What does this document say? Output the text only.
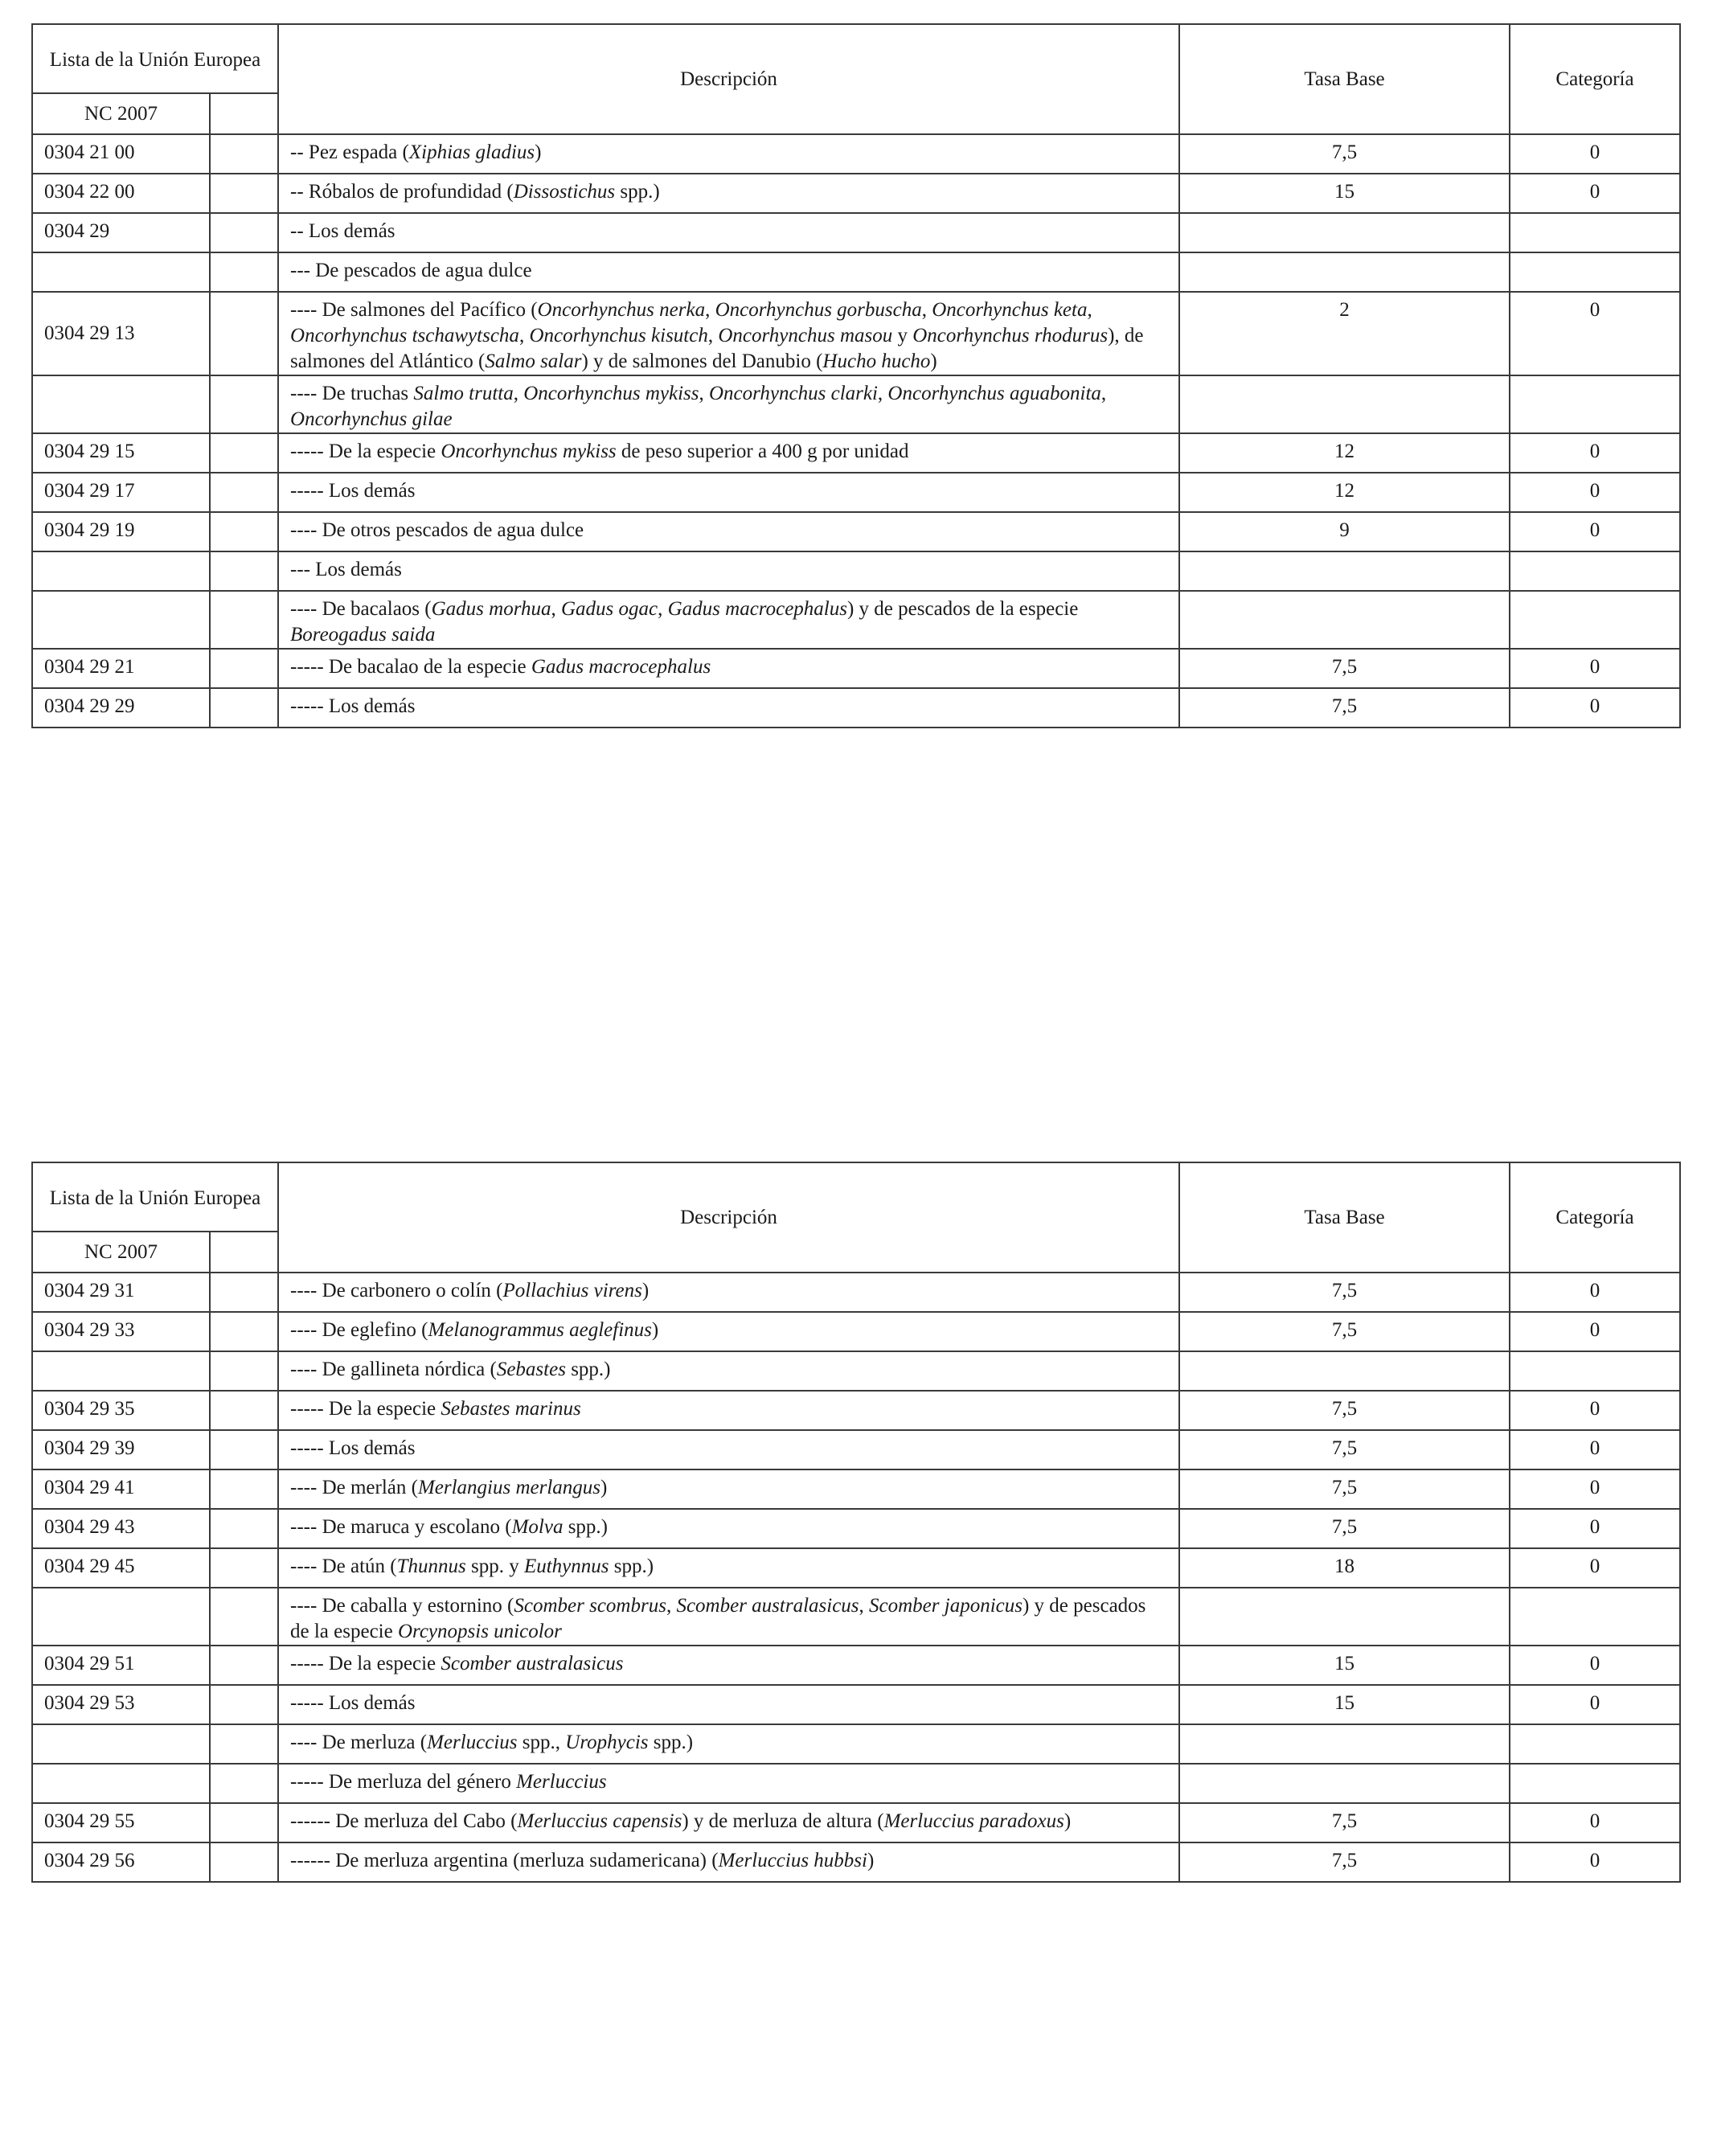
Lista de la Unión Europea		Descripción	Tasa Base	Categoría
NC 2007				
0304 21 00		-- Pez espada (Xiphias gladius)	7,5	0
0304 22 00		-- Róbalos de profundidad (Dissostichus spp.)	15	0
0304 29		-- Los demás		
		--- De pescados de agua dulce		
0304 29 13		---- De salmones del Pacífico (Oncorhynchus nerka, Oncorhynchus gorbuscha, Oncorhynchus keta, Oncorhynchus tschawytscha, Oncorhynchus kisutch, Oncorhynchus masou y Oncorhynchus rhodurus), de salmones del Atlántico (Salmo salar) y de salmones del Danubio (Hucho hucho)	2	0
		---- De truchas Salmo trutta, Oncorhynchus mykiss, Oncorhynchus clarki, Oncorhynchus aguabonita, Oncorhynchus gilae		
0304 29 15		----- De la especie Oncorhynchus mykiss de peso superior a 400 g por unidad	12	0
0304 29 17		----- Los demás	12	0
0304 29 19		---- De otros pescados de agua dulce	9	0
		--- Los demás		
		---- De bacalaos (Gadus morhua, Gadus ogac, Gadus macrocephalus) y de pescados de la especie Boreogadus saida		
0304 29 21		----- De bacalao de la especie Gadus macrocephalus	7,5	0
0304 29 29		----- Los demás	7,5	0
Lista de la Unión Europea		Descripción	Tasa Base	Categoría
NC 2007				
0304 29 31		---- De carbonero o colín (Pollachius virens)	7,5	0
0304 29 33		---- De eglefino (Melanogrammus aeglefinus)	7,5	0
		---- De gallineta nórdica (Sebastes spp.)		
0304 29 35		----- De la especie Sebastes marinus	7,5	0
0304 29 39		----- Los demás	7,5	0
0304 29 41		---- De merlán (Merlangius merlangus)	7,5	0
0304 29 43		---- De maruca y escolano (Molva spp.)	7,5	0
0304 29 45		---- De atún (Thunnus spp. y Euthynnus spp.)	18	0
		---- De caballa y estornino (Scomber scombrus, Scomber australasicus, Scomber japonicus) y de pescados de la especie Orcynopsis unicolor		
0304 29 51		----- De la especie Scomber australasicus	15	0
0304 29 53		----- Los demás	15	0
		---- De merluza (Merluccius spp., Urophycis spp.)		
		----- De merluza del género Merluccius		
0304 29 55		------ De merluza del Cabo (Merluccius capensis) y de merluza de altura (Merluccius paradoxus)	7,5	0
0304 29 56		------ De merluza argentina (merluza sudamericana) (Merluccius hubbsi)	7,5	0
